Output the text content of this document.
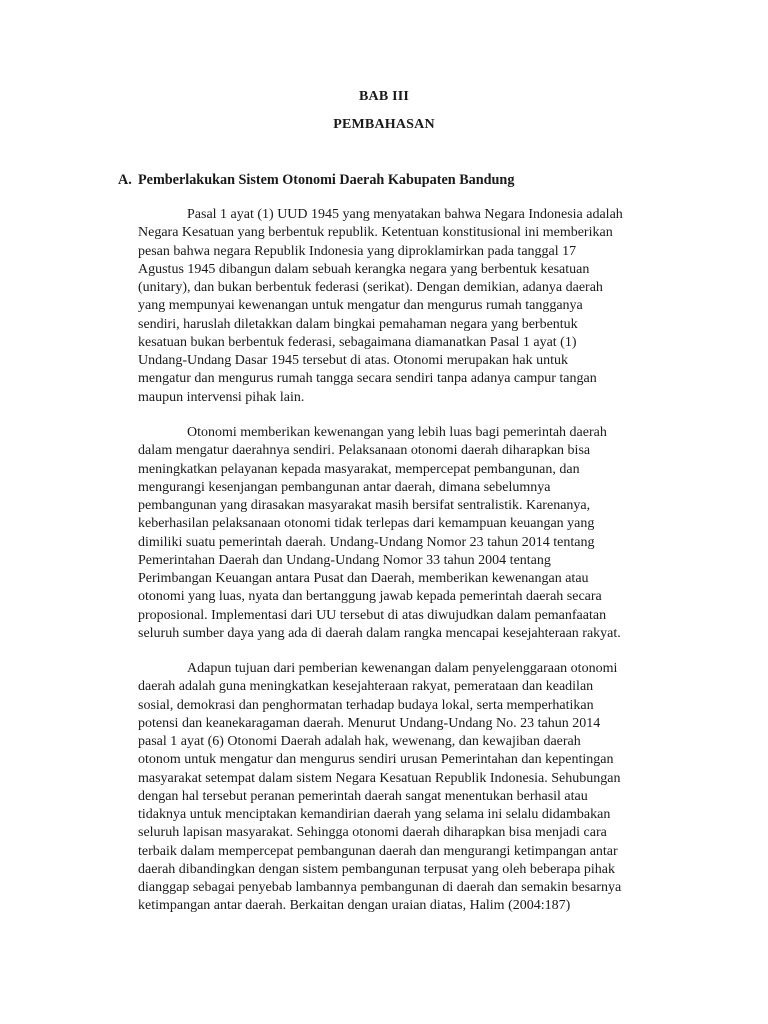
BAB III
PEMBAHASAN
A. Pemberlakukan Sistem Otonomi Daerah Kabupaten Bandung

Pasal 1 ayat (1) UUD 1945 yang menyatakan bahwa Negara Indonesia adalah
Negara Kesatuan yang berbentuk republik. Ketentuan konstitusional ini memberikan
pesan bahwa negara Republik Indonesia yang diproklamirkan pada tanggal 17
Agustus 1945 dibangun dalam sebuah kerangka negara yang berbentuk kesatuan
(unitary), dan bukan berbentuk federasi (serikat). Dengan demikian, adanya daerah
yang mempunyai kewenangan untuk mengatur dan mengurus rumah tangganya
sendiri, haruslah diletakkan dalam bingkai pemahaman negara yang berbentuk
kesatuan bukan berbentuk federasi, sebagaimana diamanatkan Pasal 1 ayat (1)
Undang-Undang Dasar 1945 tersebut di atas. Otonomi merupakan hak untuk
mengatur dan mengurus rumah tangga secara sendiri tanpa adanya campur tangan
maupun intervensi pihak lain.

Otonomi memberikan kewenangan yang lebih luas bagi pemerintah daerah
dalam mengatur daerahnya sendiri. Pelaksanaan otonomi daerah diharapkan bisa
meningkatkan pelayanan kepada masyarakat, mempercepat pembangunan, dan
mengurangi kesenjangan pembangunan antar daerah, dimana sebelumnya
pembangunan yang dirasakan masyarakat masih bersifat sentralistik. Karenanya,
keberhasilan pelaksanaan otonomi tidak terlepas dari kemampuan keuangan yang
dimiliki suatu pemerintah daerah. Undang-Undang Nomor 23 tahun 2014 tentang
Pemerintahan Daerah dan Undang-Undang Nomor 33 tahun 2004 tentang
Perimbangan Keuangan antara Pusat dan Daerah, memberikan kewenangan atau
otonomi yang luas, nyata dan bertanggung jawab kepada pemerintah daerah secara
proposional. Implementasi dari UU tersebut di atas diwujudkan dalam pemanfaatan
seluruh sumber daya yang ada di daerah dalam rangka mencapai kesejahteraan rakyat.

Adapun tujuan dari pemberian kewenangan dalam penyelenggaraan otonomi
daerah adalah guna meningkatkan kesejahteraan rakyat, pemerataan dan keadilan
sosial, demokrasi dan penghormatan terhadap budaya lokal, serta memperhatikan
potensi dan keanekaragaman daerah. Menurut Undang-Undang No. 23 tahun 2014
pasal 1 ayat (6) Otonomi Daerah adalah hak, wewenang, dan kewajiban daerah
otonom untuk mengatur dan mengurus sendiri urusan Pemerintahan dan kepentingan
masyarakat setempat dalam sistem Negara Kesatuan Republik Indonesia. Sehubungan
dengan hal tersebut peranan pemerintah daerah sangat menentukan berhasil atau
tidaknya untuk menciptakan kemandirian daerah yang selama ini selalu didambakan
seluruh lapisan masyarakat. Sehingga otonomi daerah diharapkan bisa menjadi cara
terbaik dalam mempercepat pembangunan daerah dan mengurangi ketimpangan antar
daerah dibandingkan dengan sistem pembangunan terpusat yang oleh beberapa pihak
dianggap sebagai penyebab lambannya pembangunan di daerah dan semakin besarnya
ketimpangan antar daerah. Berkaitan dengan uraian diatas, Halim (2004:187)
